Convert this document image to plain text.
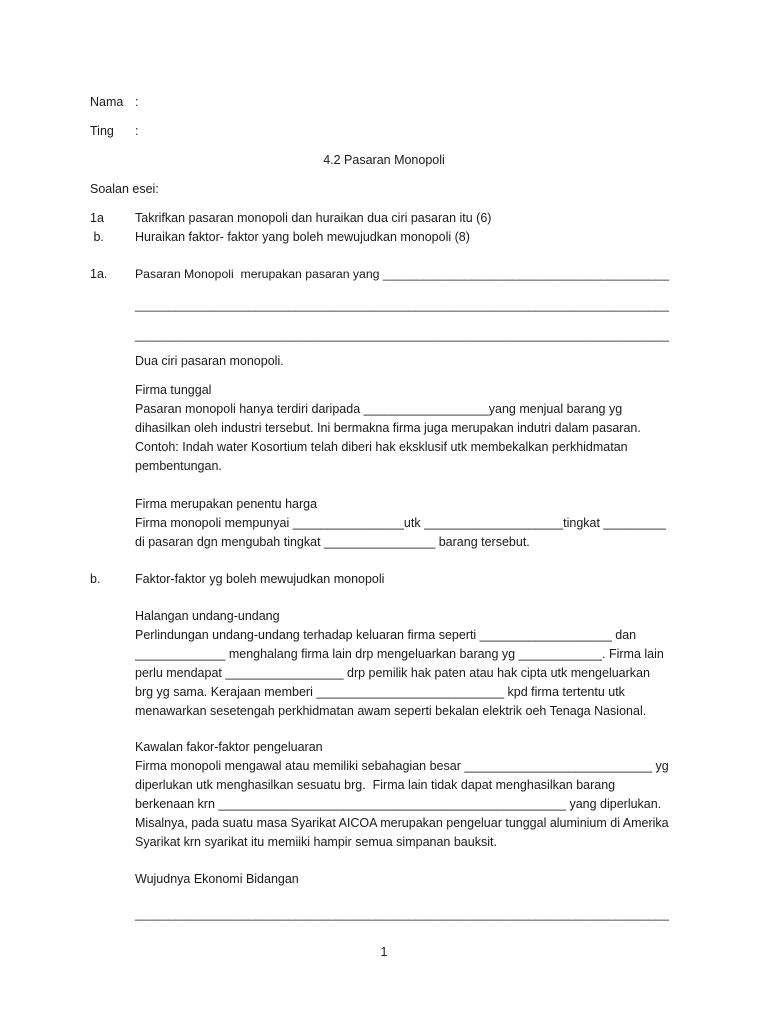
Nama :
Ting :
4.2 Pasaran Monopoli
Soalan esei:
1a Takrifkan pasaran monopoli dan huraikan dua ciri pasaran itu (6)
b. Huraikan faktor- faktor yang boleh mewujudkan monopoli (8)
1a. Pasaran Monopoli  merupakan pasaran yang __________________________________________
________________________________________________________________________________
________________________________________________________________________________
Dua ciri pasaran monopoli.
Firma tunggal
Pasaran monopoli hanya terdiri daripada __________________yang menjual barang yg
dihasilkan oleh industri tersebut. Ini bermakna firma juga merupakan indutri dalam pasaran.
Contoh: Indah water Kosortium telah diberi hak eksklusif utk membekalkan perkhidmatan
pembentungan.
Firma merupakan penentu harga
Firma monopoli mempunyai ________________utk ____________________tingkat _________
di pasaran dgn mengubah tingkat ________________ barang tersebut.
b.	Faktor-faktor yg boleh mewujudkan monopoli
Halangan undang-undang
Perlindungan undang-undang terhadap keluaran firma seperti ___________________ dan
_____________ menghalang firma lain drp mengeluarkan barang yg ____________. Firma lain
perlu mendapat _________________ drp pemilik hak paten atau hak cipta utk mengeluarkan
brg yg sama. Kerajaan memberi ___________________________ kpd firma tertentu utk
menawarkan sesetengah perkhidmatan awam seperti bekalan elektrik oeh Tenaga Nasional.
Kawalan fakor-faktor pengeluaran
Firma monopoli mengawal atau memiliki sebahagian besar ___________________________ yg
diperlukan utk menghasilkan sesuatu brg.  Firma lain tidak dapat menghasilkan barang
berkenaan krn __________________________________________________ yang diperlukan.
Misalnya, pada suatu masa Syarikat AICOA merupakan pengeluar tunggal aluminium di Amerika
Syarikat krn syarikat itu memiiki hampir semua simpanan bauksit.
Wujudnya Ekonomi Bidangan
________________________________________________________________________________
1
